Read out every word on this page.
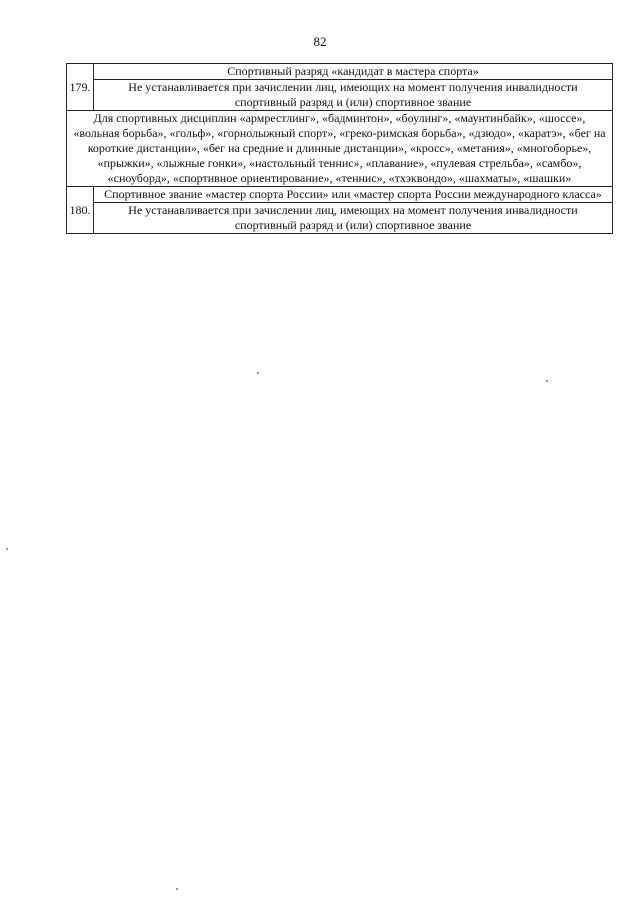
82
179.	Спортивный разряд «кандидат в мастера спорта»
	Не устанавливается при зачислении лиц, имеющих на момент получения инвалидности спортивный разряд и (или) спортивное звание
Для спортивных дисциплин «армрестлинг», «бадминтон», «боулинг», «маунтинбайк», «шоссе», «вольная борьба», «гольф», «горнолыжный спорт», «греко-римская борьба», «дзюдо», «каратэ», «бег на короткие дистанции», «бег на средние и длинные дистанции», «кросс», «метания», «многоборье», «прыжки», «лыжные гонки», «настольный теннис», «плавание», «пулевая стрельба», «самбо», «сноуборд», «спортивное ориентирование», «теннис», «тхэквондо», «шахматы», «шашки»	
180.	Спортивное звание «мастер спорта России» или «мастер спорта России международного класса»
	Не устанавливается при зачислении лиц, имеющих на момент получения инвалидности спортивный разряд и (или) спортивное звание
